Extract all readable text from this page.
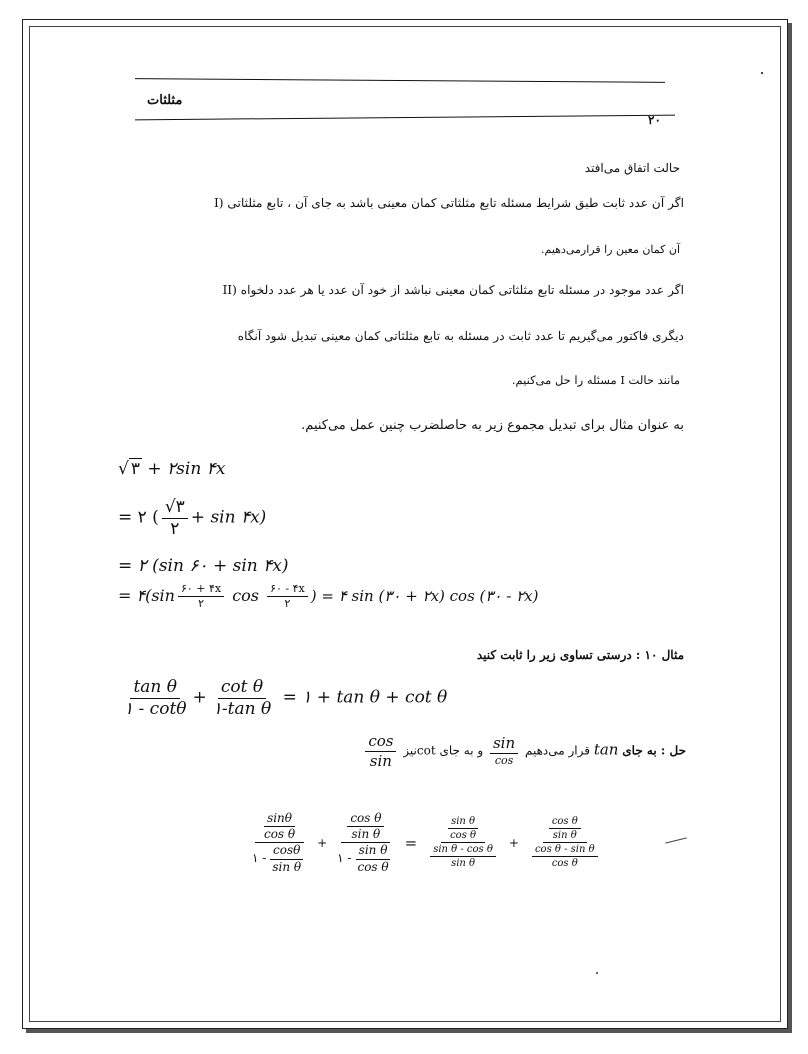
مثلثات
۲۰
حالت اتفاق می‌افتد
I) اگر آن عدد ثابت طبق شرایط مسئله تابع مثلثاتی کمان معینی باشد به جای آن ، تابع مثلثاتی
آن کمان معین را قرارمی‌دهیم.
II) اگر عدد موجود در مسئله تابع مثلثاتی کمان معینی نباشد از خود آن عدد یا هر عدد دلخواه
دیگری فاکتور می‌گیریم تا عدد ثابت در مسئله به تابع مثلثاتی کمان معینی تبدیل شود آنگاه
مانند حالت I مسئله را حل می‌کنیم.
به عنوان مثال برای تبدیل مجموع زیر به حاصلضرب چنین عمل می‌کنیم.
√ ۳ + ۲sin ۴x
= ۲ ( $\frac{√۳}{۲} + \sin$ ۴x)
= ۲ (sin ۶۰ + sin ۴x)
= ۴(sin $\frac{۶۰ + ۴x}{۲}$ $\cos \frac{۶۰ - ۴x}{۲}$ ) = ۴ sin (۳۰ + ۲x) cos (۳۰ - ۲x)
مثال ۱۰ : درستی تساوی زیر را ثابت کنید
$\frac{\text{tan θ}}{۱ - \cot\theta} + \frac{\text{cot θ}}{\text{۱-tan θ}}$ = ۱ + tan θ + cot θ
حل : به جای tan قرار می‌دهیم
$\frac{\sin}{\cos}$
و به جای cotنیز
$\frac{\cos}{\sin}$
$\frac{\frac{\sin\theta}{\text{cos θ}}}{۱ - \frac{\cos\theta}{\text{sin θ}}} + \frac{\frac{\text{cos θ}}{\text{sin θ}}}{۱ - \frac{\text{sin θ}}{\text{cos θ}}} = \frac{\frac{\text{sin θ}}{\text{cos θ}}}{\frac{\text{sin θ - cos θ}}{\text{sin θ}}} + \frac{\frac{\text{cos θ}}{\text{sin θ}}}{\frac{\text{cos θ - sin θ}}{\text{cos θ}}}$
